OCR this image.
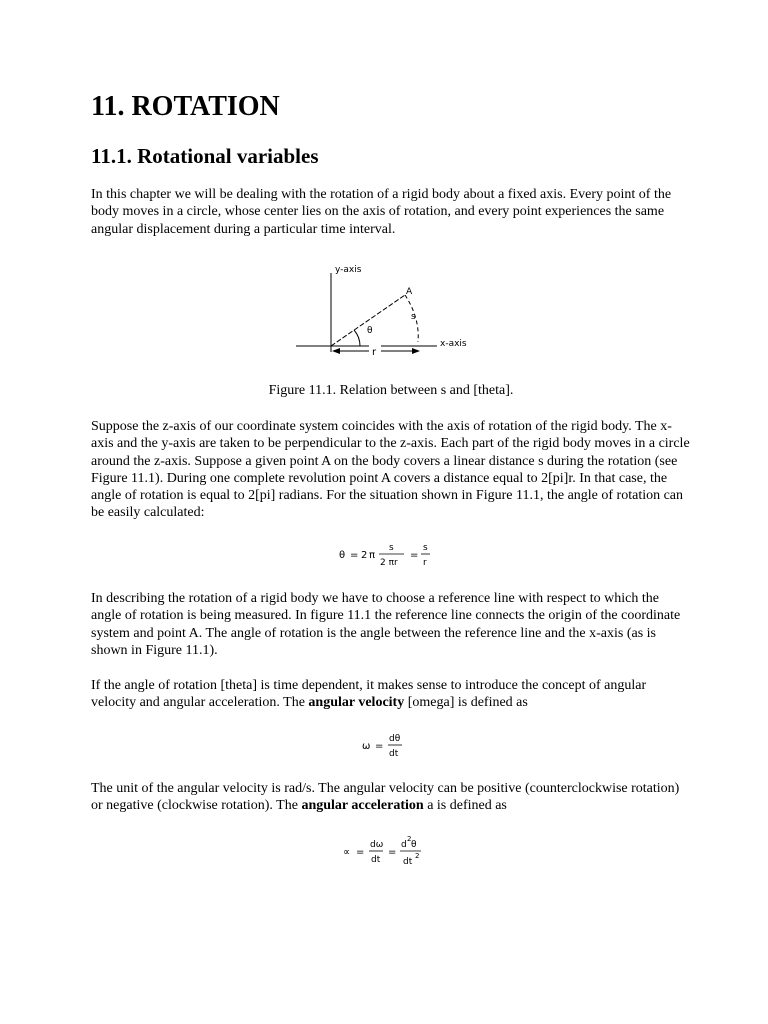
11. ROTATION
11.1. Rotational variables

In this chapter we will be dealing with the rotation of a rigid body about a fixed axis. Every point of the body moves in a circle, whose center lies on the axis of rotation, and every point experiences the same angular displacement during a particular time interval.

r
y-axis
x-axis
A
s
θ
Figure 11.1. Relation between s and [theta].

Suppose the z-axis of our coordinate system coincides with the axis of rotation of the rigid body. The x-axis and the y-axis are taken to be perpendicular to the z-axis. Each part of the rigid body moves in a circle around the z-axis. Suppose a given point A on the body covers a linear distance s during the rotation (see Figure 11.1). During one complete revolution point A covers a distance equal to 2[pi]r. In that case, the angle of rotation is equal to 2[pi] radians. For the situation shown in Figure 11.1, the angle of rotation can be easily calculated:

θ = 2 π
s
2 πr
=
s
r

In describing the rotation of a rigid body we have to choose a reference line with respect to which the angle of rotation is being measured. In figure 11.1 the reference line connects the origin of the coordinate system and point A. The angle of rotation is the angle between the reference line and the x-axis (as is shown in Figure 11.1).

If the angle of rotation [theta] is time dependent, it makes sense to introduce the concept of angular velocity and angular acceleration. The angular velocity [omega] is defined as

ω =
dθ
dt

The unit of the angular velocity is rad/s. The angular velocity can be positive (counterclockwise rotation) or negative (clockwise rotation). The angular acceleration a is defined as

∝ =
dω
dt
=
d
2
θ
dt
2
